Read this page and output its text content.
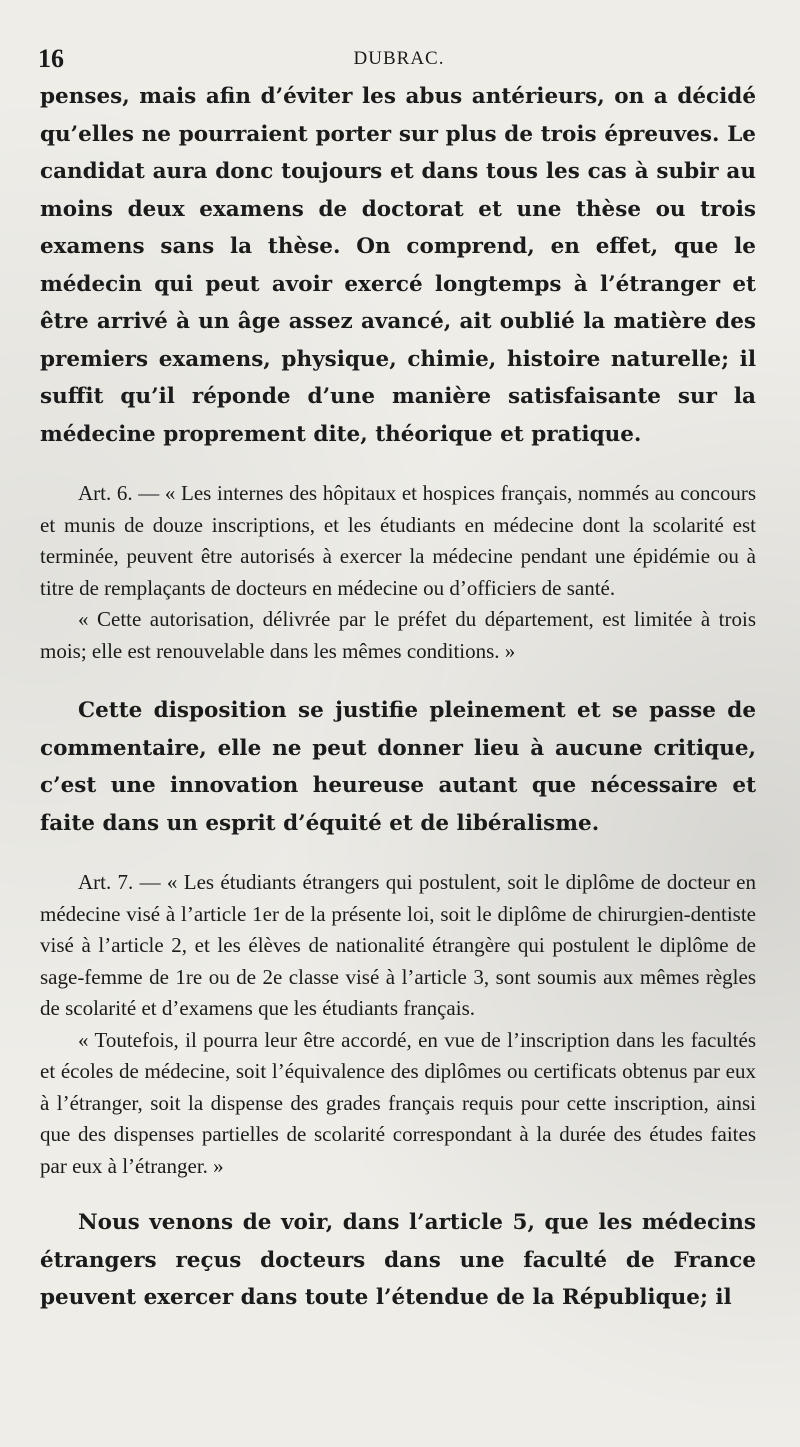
16	DUBRAC.

penses, mais afin d’éviter les abus antérieurs, on a décidé qu’elles ne pourraient porter sur plus de trois épreuves. Le candidat aura donc toujours et dans tous les cas à subir au moins deux examens de doctorat et une thèse ou trois examens sans la thèse. On comprend, en effet, que le médecin qui peut avoir exercé longtemps à l’étranger et être arrivé à un âge assez avancé, ait oublié la matière des premiers examens, physique, chimie, histoire naturelle; il suffit qu’il réponde d’une manière satisfaisante sur la médecine proprement dite, théorique et pratique.

Art. 6. — « Les internes des hôpitaux et hospices français, nommés au concours et munis de douze inscriptions, et les étudiants en médecine dont la scolarité est terminée, peuvent être autorisés à exercer la médecine pendant une épidémie ou à titre de remplaçants de docteurs en médecine ou d’officiers de santé.

« Cette autorisation, délivrée par le préfet du département, est limitée à trois mois; elle est renouvelable dans les mêmes conditions. »

Cette disposition se justifie pleinement et se passe de commentaire, elle ne peut donner lieu à aucune critique, c’est une innovation heureuse autant que nécessaire et faite dans un esprit d’équité et de libéralisme.

Art. 7. — « Les étudiants étrangers qui postulent, soit le diplôme de docteur en médecine visé à l’article 1er de la présente loi, soit le diplôme de chirurgien-dentiste visé à l’article 2, et les élèves de nationalité étrangère qui postulent le diplôme de sage-femme de 1re ou de 2e classe visé à l’article 3, sont soumis aux mêmes règles de scolarité et d’examens que les étudiants français.

« Toutefois, il pourra leur être accordé, en vue de l’inscription dans les facultés et écoles de médecine, soit l’équivalence des diplômes ou certificats obtenus par eux à l’étranger, soit la dispense des grades français requis pour cette inscription, ainsi que des dispenses partielles de scolarité correspondant à la durée des études faites par eux à l’étranger. »

Nous venons de voir, dans l’article 5, que les médecins étrangers reçus docteurs dans une faculté de France peuvent exercer dans toute l’étendue de la République; il
